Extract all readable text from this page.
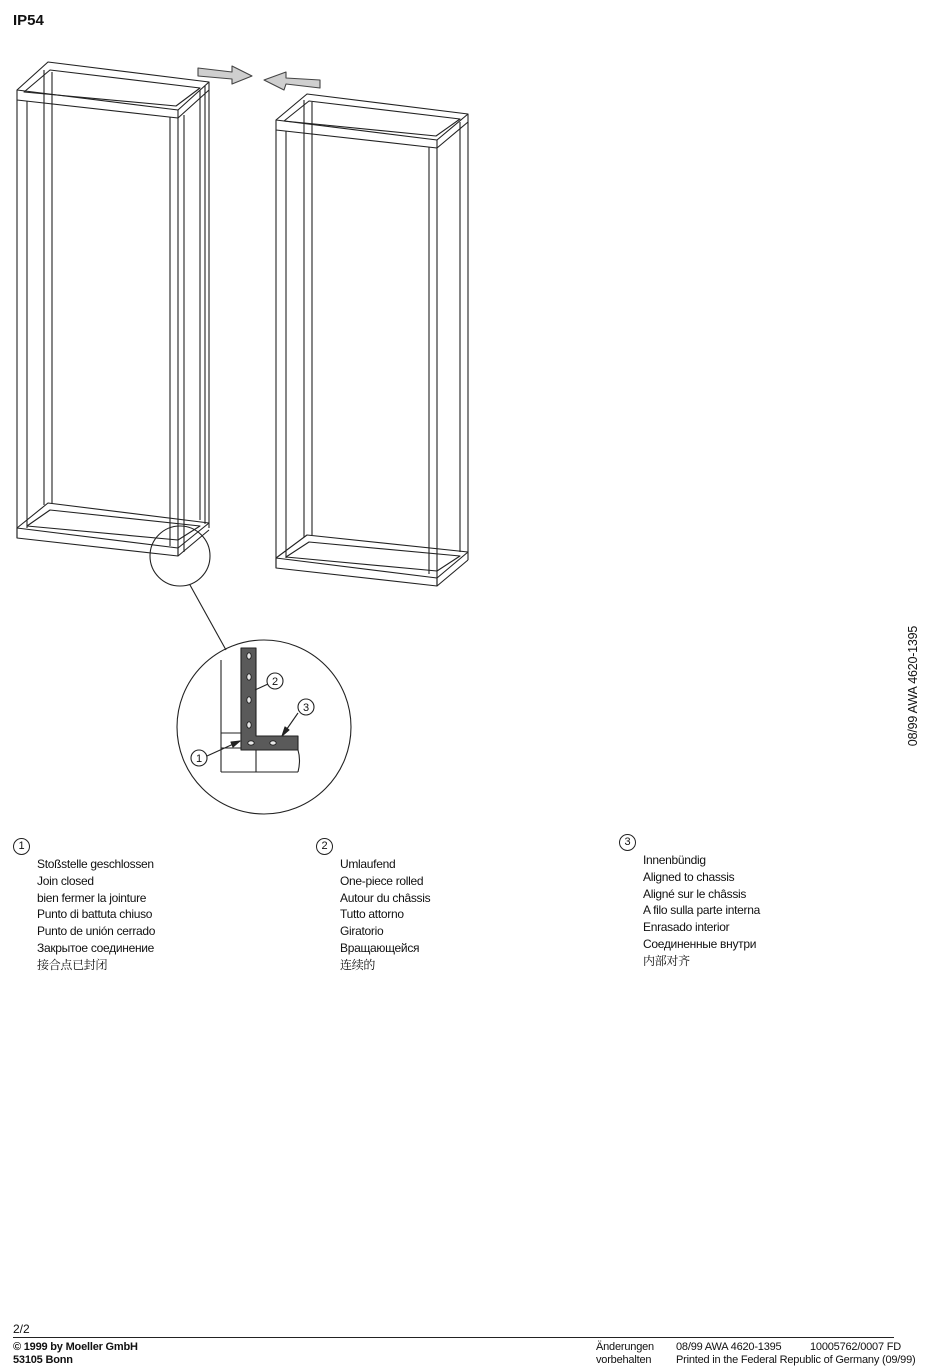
IP54
1
2
3	08/99 AWA 4620-1395
1
Stoßstelle geschlossen
Join closed
bien fermer la jointure
Punto di battuta chiuso
Punto de unión cerrado
Закрытое соединение
接合点已封闭
2
Umlaufend
One-piece rolled
Autour du châssis
Tutto attorno
Giratorio
Вращающейся
连续的
3
Innenbündig
Aligned to chassis
Aligné sur le châssis
A filo sulla parte interna
Enrasado interior
Соединенные внутри
内部对齐
2/2
© 1999 by Moeller GmbH
53105 Bonn
Änderungen
vorbehalten
08/99 AWA 4620-1395	10005762/0007 FD
Printed in the Federal Republic of Germany (09/99)
